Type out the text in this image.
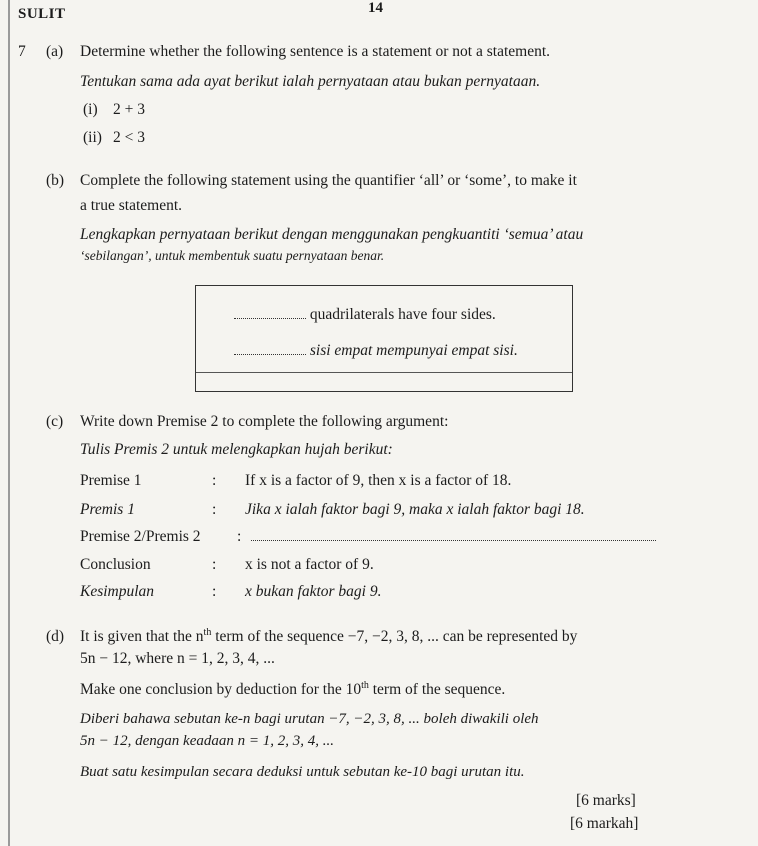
SULIT	14
7 (a) Determine whether the following sentence is a statement or not a statement.
Tentukan sama ada ayat berikut ialah pernyataan atau bukan pernyataan.
(i) 2 + 3
(ii) 2 < 3
(b) Complete the following statement using the quantifier ‘all’ or ‘some’, to make it
a true statement.
Lengkapkan pernyataan berikut dengan menggunakan pengkuantiti ‘semua’ atau
‘sebilangan’, untuk membentuk suatu pernyataan benar.
quadrilaterals have four sides.
sisi empat mempunyai empat sisi.
(c) Write down Premise 2 to complete the following argument:
Tulis Premis 2 untuk melengkapkan hujah berikut:
Premise 1	: If x is a factor of 9, then x is a factor of 18.
Premis 1	: Jika x ialah faktor bagi 9, maka x ialah faktor bagi 18.
Premise 2/Premis 2 :
Conclusion	: x is not a factor of 9.
Kesimpulan	: x bukan faktor bagi 9.
(d) It is given that the $n^{th}$ term of the sequence −7, −2, 3, 8, ... can be represented by
5n − 12, where n = 1, 2, 3, 4, ...
Make one conclusion by deduction for the 10th term of the sequence.
Diberi bahawa sebutan ke-n bagi urutan −7, −2, 3, 8, ... boleh diwakili oleh
5n − 12, dengan keadaan n = 1, 2, 3, 4, ...
Buat satu kesimpulan secara deduksi untuk sebutan ke-10 bagi urutan itu.
[6 marks]
[6 markah]
